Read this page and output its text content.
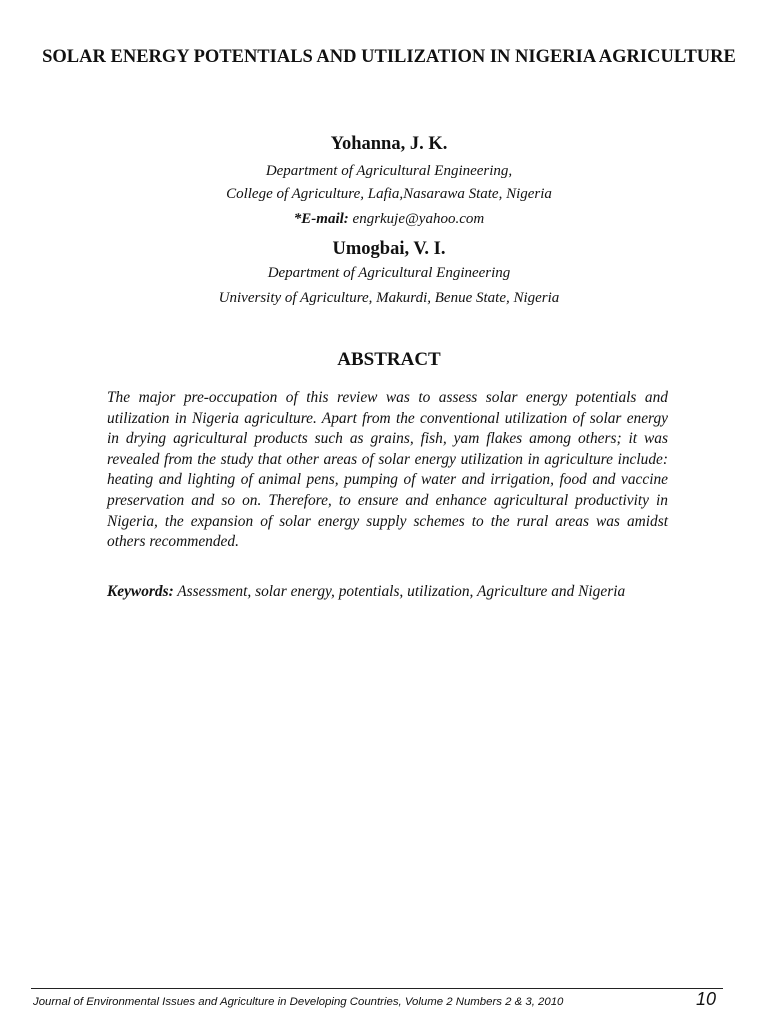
SOLAR ENERGY POTENTIALS AND UTILIZATION IN NIGERIA AGRICULTURE
Yohanna, J. K.
Department of Agricultural Engineering,
College of Agriculture, Lafia,Nasarawa State, Nigeria
*E-mail: engrkuje@yahoo.com
Umogbai, V. I.
Department of Agricultural Engineering
University of Agriculture, Makurdi, Benue State, Nigeria
ABSTRACT

The major pre-occupation of this review was to assess solar energy potentials and utilization in Nigeria agriculture. Apart from the conventional utilization of solar energy in drying agricultural products such as grains, fish, yam flakes among others; it was revealed from the study that other areas of solar energy utilization in agriculture include: heating and lighting of animal pens, pumping of water and irrigation, food and vaccine preservation and so on. Therefore, to ensure and enhance agricultural productivity in Nigeria, the expansion of solar energy supply schemes to the rural areas was amidst others recommended.

Keywords: Assessment, solar energy, potentials, utilization, Agriculture and Nigeria

Journal of Environmental Issues and Agriculture in Developing Countries, Volume 2 Numbers 2 & 3, 2010	10
